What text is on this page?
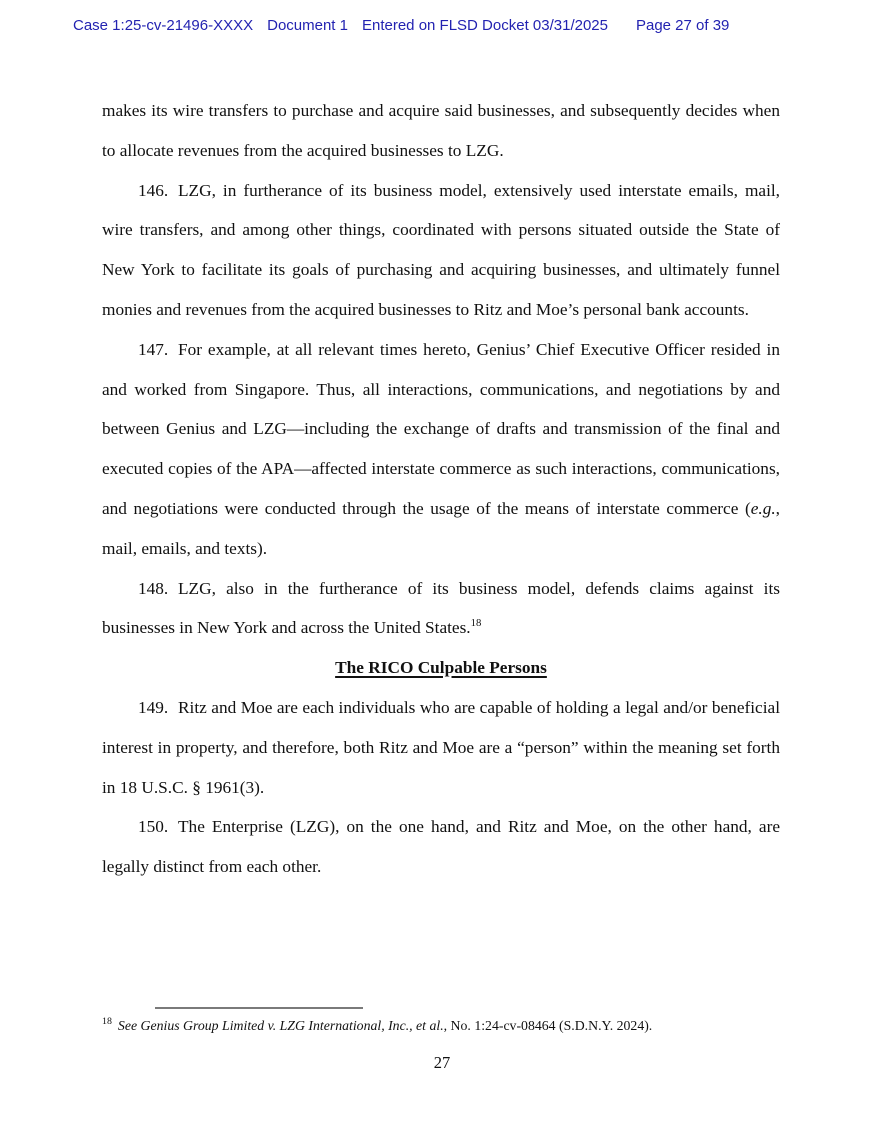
Case 1:25-cv-21496-XXXX Document 1 Entered on FLSD Docket 03/31/2025 Page 27 of 39

makes its wire transfers to purchase and acquire said businesses, and subsequently decides when to allocate revenues from the acquired businesses to LZG.

146. LZG, in furtherance of its business model, extensively used interstate emails, mail, wire transfers, and among other things, coordinated with persons situated outside the State of New York to facilitate its goals of purchasing and acquiring businesses, and ultimately funnel monies and revenues from the acquired businesses to Ritz and Moe’s personal bank accounts.

147. For example, at all relevant times hereto, Genius’ Chief Executive Officer resided in and worked from Singapore. Thus, all interactions, communications, and negotiations by and between Genius and LZG—including the exchange of drafts and transmission of the final and executed copies of the APA—affected interstate commerce as such interactions, communications, and negotiations were conducted through the usage of the means of interstate commerce (e.g., mail, emails, and texts).

148. LZG, also in the furtherance of its business model, defends claims against its businesses in New York and across the United States.$^{18}$

The RICO Culpable Persons

149. Ritz and Moe are each individuals who are capable of holding a legal and/or beneficial interest in property, and therefore, both Ritz and Moe are a “person” within the meaning set forth in 18 U.S.C. § 1961(3).

150. The Enterprise (LZG), on the one hand, and Ritz and Moe, on the other hand, are legally distinct from each other.

$^{18}$ See Genius Group Limited v. LZG International, Inc., et al., No. 1:24-cv-08464 (S.D.N.Y. 2024).
27
